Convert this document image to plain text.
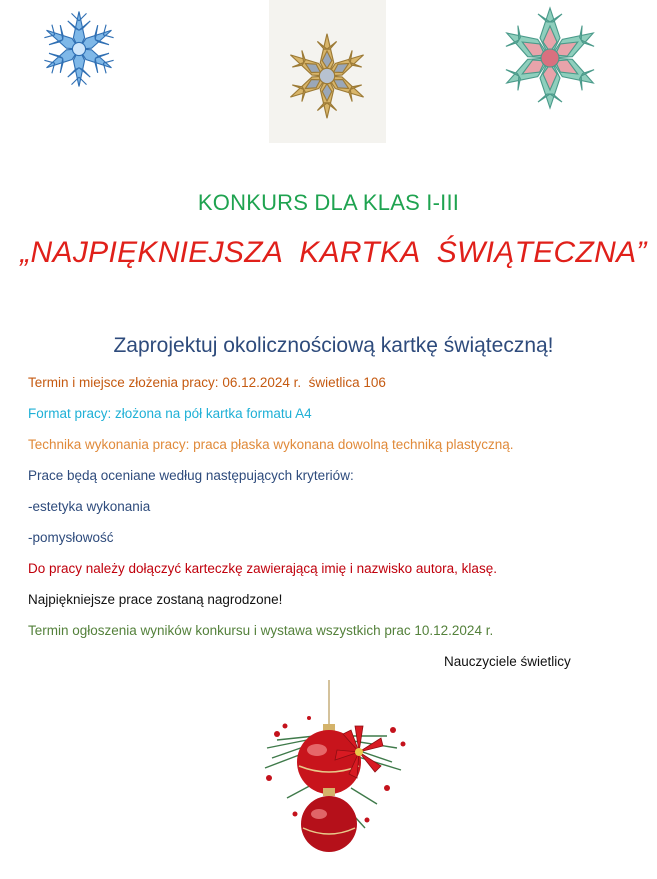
KONKURS DLA KLAS I-III
„NAJPIĘKNIEJSZA  KARTKA  ŚWIĄTECZNA”
Zaprojektuj okolicznościową kartkę świąteczną!
Termin i miejsce złożenia pracy: 06.12.2024 r.  świetlica 106
Format pracy: złożona na pół kartka formatu A4
Technika wykonania pracy: praca płaska wykonana dowolną techniką plastyczną.
Prace będą oceniane według następujących kryteriów:
-estetyka wykonania
-pomysłowość
Do pracy należy dołączyć karteczkę zawierającą imię i nazwisko autora, klasę.
Najpiękniejsze prace zostaną nagrodzone!
Termin ogłoszenia wyników konkursu i wystawa wszystkich prac 10.12.2024 r.
Nauczyciele świetlicy
